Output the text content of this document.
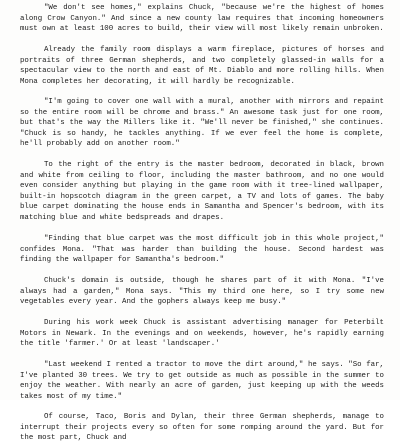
"We don't see homes," explains Chuck, "because we're the highest of homes along Crow Canyon." And since a new county law requires that incoming homeowners must own at least 100 acres to build, their view will most likely remain unbroken.

Already the family room displays a warm fireplace, pictures of horses and portraits of three German shepherds, and two completely glassed-in walls for a spectacular view to the north and east of Mt. Diablo and more rolling hills. When Mona completes her decorating, it will hardly be recognizable.

"I'm going to cover one wall with a mural, another with mirrors and repaint so the entire room will be chrome and brass." An awesome task just for one room, but that's the way the Millers like it. "We'll never be finished," she continues. "Chuck is so handy, he tackles anything. If we ever feel the home is complete, he'll probably add on another room."

To the right of the entry is the master bedroom, decorated in black, brown and white from ceiling to floor, including the master bathroom, and no one would even consider anything but playing in the game room with it tree-lined wallpaper, built-in hopscotch diagram in the green carpet, a TV and lots of games. The baby blue carpet dominating the house ends in Samantha and Spencer's bedroom, with its matching blue and white bedspreads and drapes.

"Finding that blue carpet was the most difficult job in this whole project," confides Mona. "That was harder than building the house. Second hardest was finding the wallpaper for Samantha's bedroom."

Chuck's domain is outside, though he shares part of it with Mona. "I've always had a garden," Mona says. "This my third one here, so I try some new vegetables every year. And the gophers always keep me busy."

During his work week Chuck is assistant advertising manager for Peterbilt Motors in Newark. In the evenings and on weekends, however, he's rapidly earning the title 'farmer.' Or at least 'landscaper.'

"Last weekend I rented a tractor to move the dirt around," he says. "So far, I've planted 30 trees. We try to get outside as much as possible in the summer to enjoy the weather. With nearly an acre of garden, just keeping up with the weeds takes most of my time."

Of course, Taco, Boris and Dylan, their three German shepherds, manage to interrupt their projects every so often for some romping around the yard. But for the most part, Chuck and
